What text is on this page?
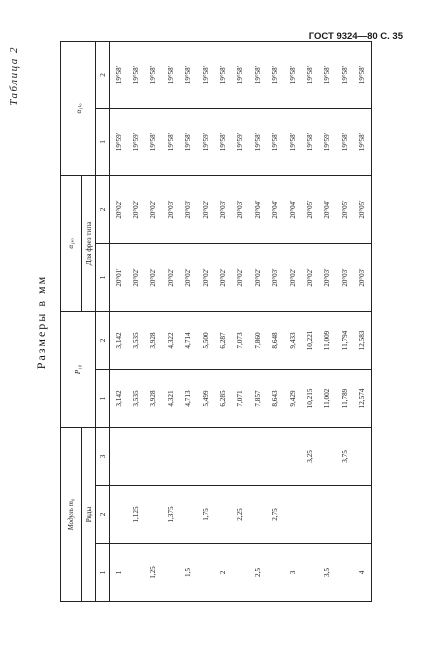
ГОСТ 9324—80 С. 35
Таблица 2
Размеры в мм
Модуль m₀			P₁₀		α₁ₓₒ		α₁ₗₒ	
Ряды					Для фрез типа			
1	2	3	1	2	1	2	1	2
1			3,142	3,142	20°01′	20°02′	19°59′	19°58′
	1,125		3,535	3,535	20°02′	20°02′	19°59′	19°58′
1,25			3,928	3,928	20°02′	20°02′	19°58′	19°58′
	1,375		4,321	4,322	20°02′	20°03′	19°58′	19°58′
1,5			4,713	4,714	20°02′	20°03′	19°58′	19°58′
	1,75		5,499	5,500	20°02′	20°02′	19°59′	19°58′
2			6,285	6,287	20°02′	20°03′	19°58′	19°58′
	2,25		7,071	7,073	20°02′	20°03′	19°59′	19°58′
2,5			7,857	7,860	20°02′	20°04′	19°58′	19°58′
	2,75		8,643	8,648	20°03′	20°04′	19°58′	19°58′
3			9,429	9,433	20°02′	20°04′	19°58′	19°58′
		3,25	10,215	10,221	20°02′	20°05′	19°58′	19°58′
3,5			11,002	11,009	20°03′	20°04′	19°59′	19°58′
		3,75	11,789	11,794	20°03′	20°05′	19°58′	19°58′
4			12,574	12,583	20°03′	20°05′	19°58′	19°58′
